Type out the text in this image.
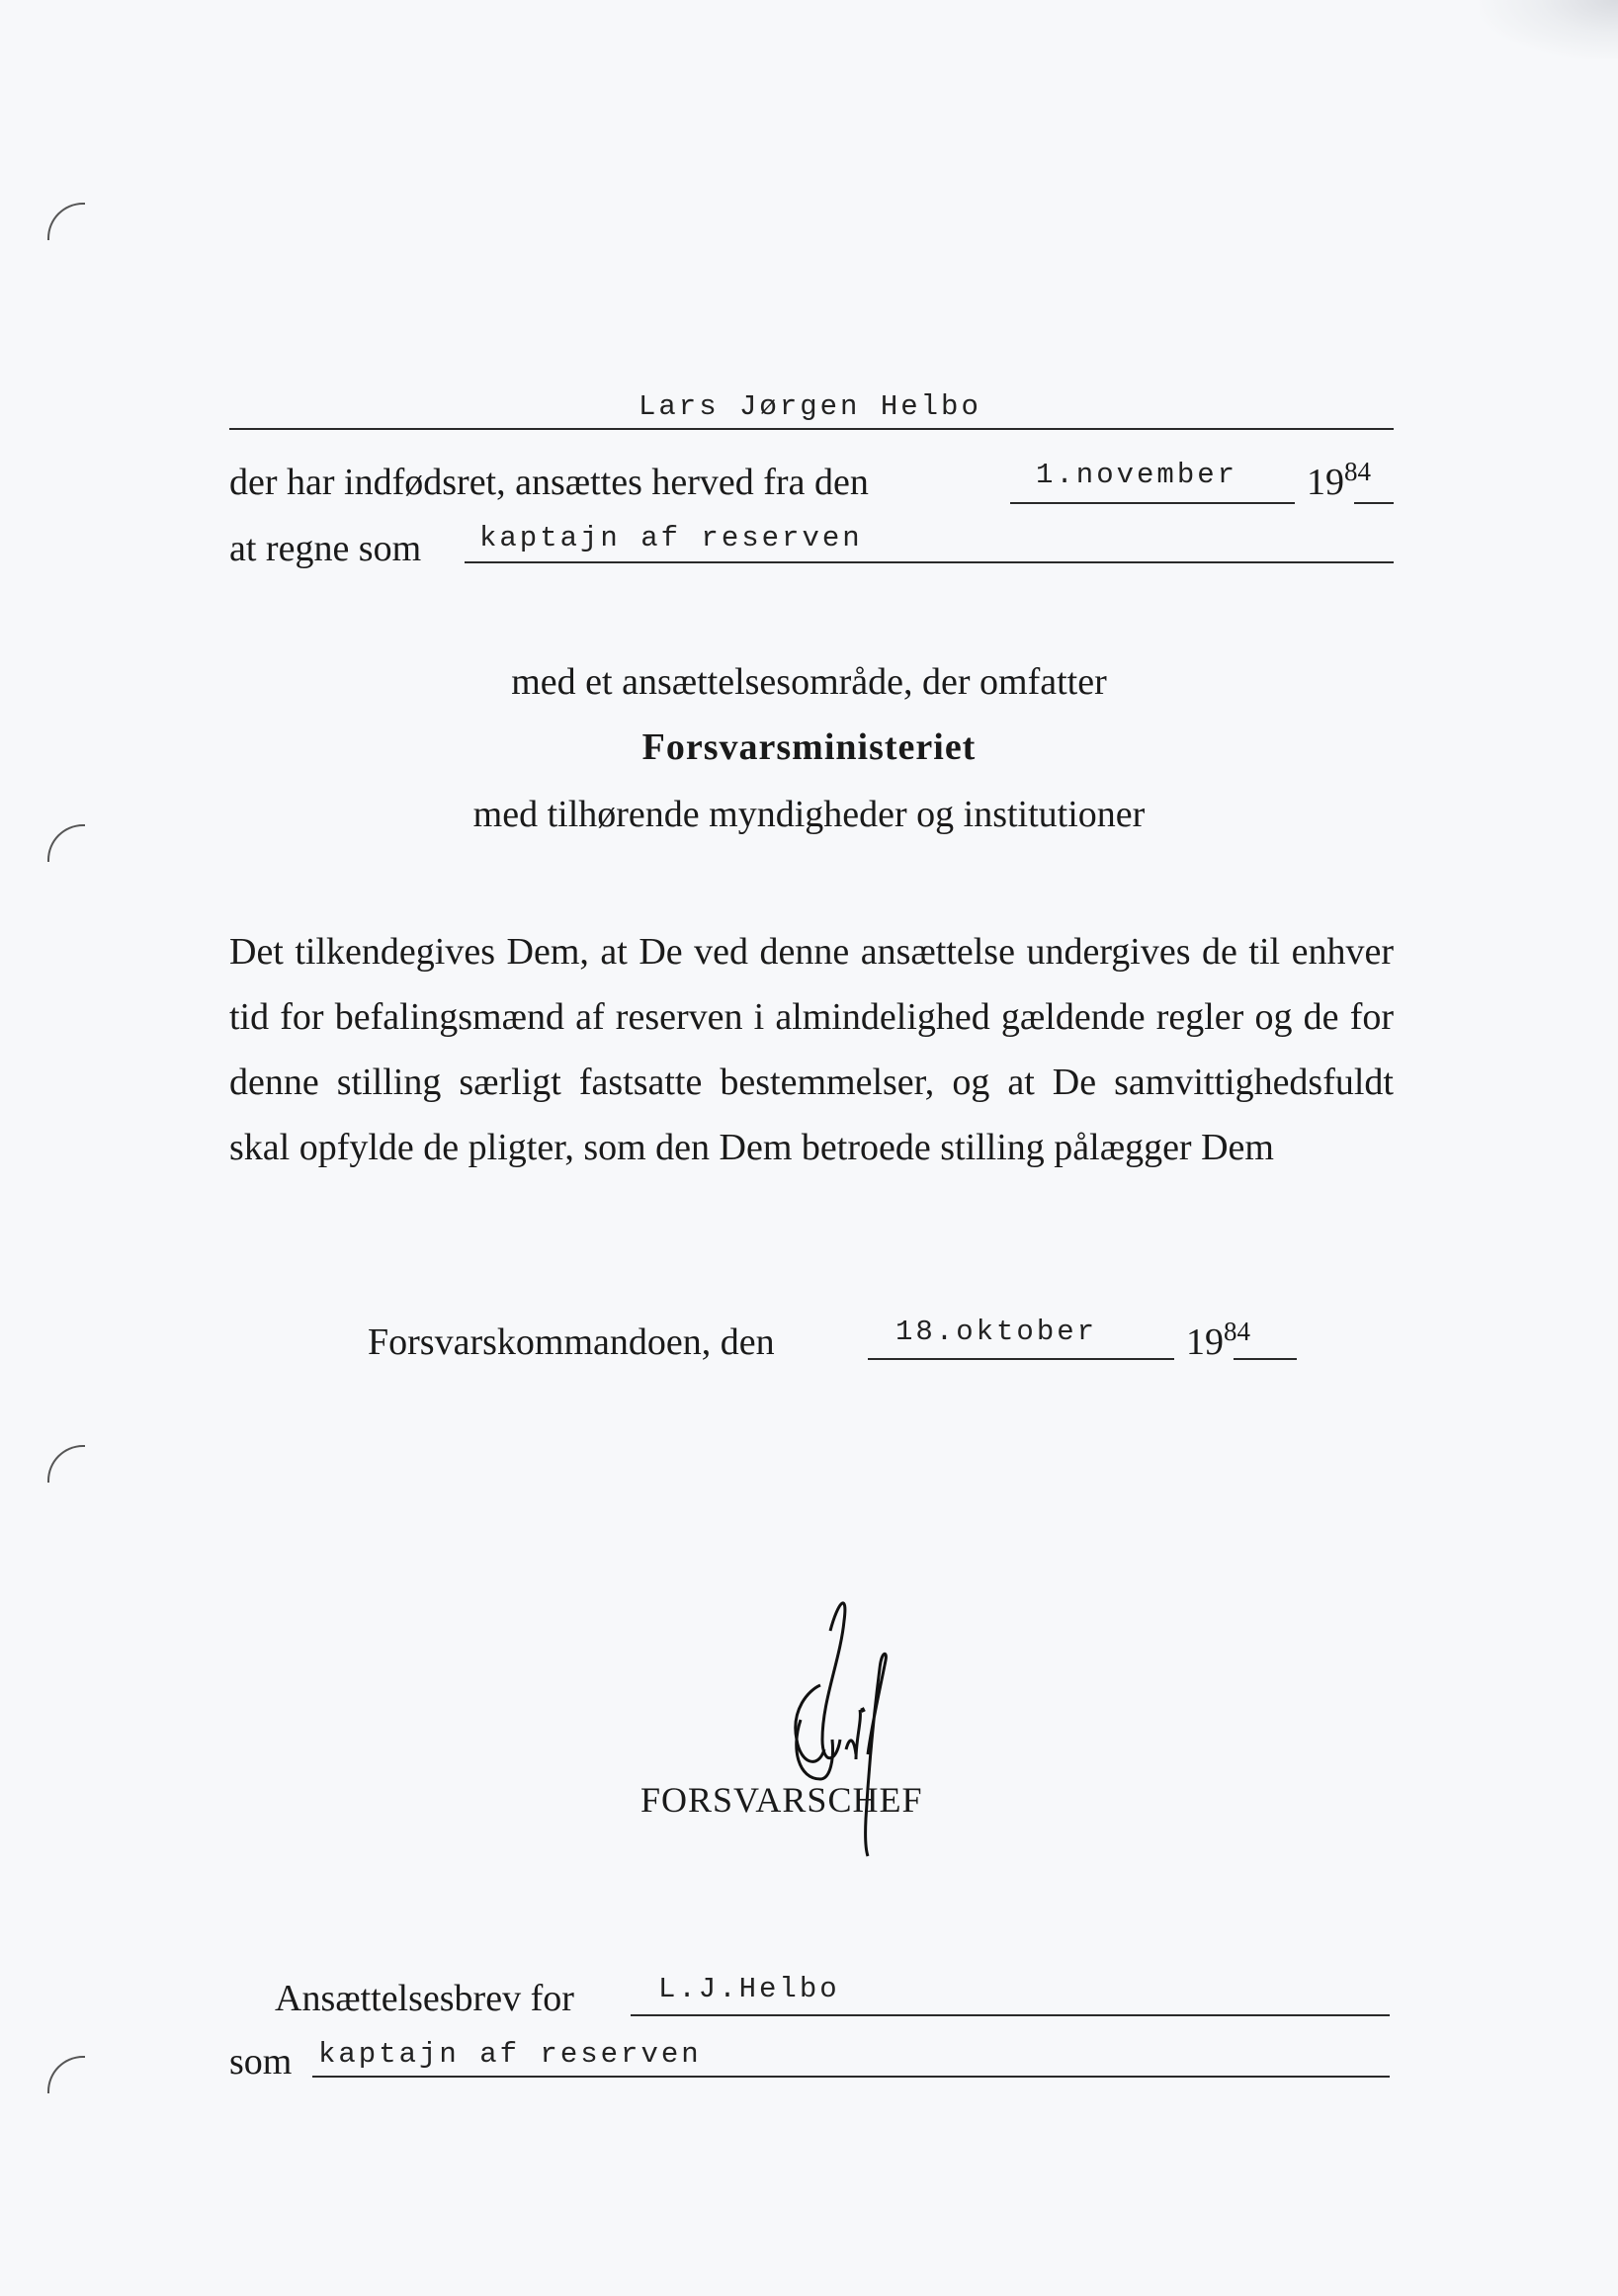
Lars Jørgen Helbo
der har indfødsret, ansættes herved fra den	1.november $19^{84}$
at regne som kaptajn af reserven
med et ansættelsesområde, der omfatter
Forsvarsministeriet
med tilhørende myndigheder og institutioner

Det tilkendegives Dem, at De ved denne ansættelse undergives de til enhver tid for befalingsmænd af reserven i almindelighed gældende regler og de for denne stilling særligt fastsatte bestemmelser, og at De samvittighedsfuldt skal opfylde de pligter, som den Dem betroede stilling pålægger Dem

Forsvarskommandoen, den	18.oktober $19^{84}$
FORSVARSCHEF
Ansættelsesbrev for	L.J.Helbo
som kaptajn af reserven
